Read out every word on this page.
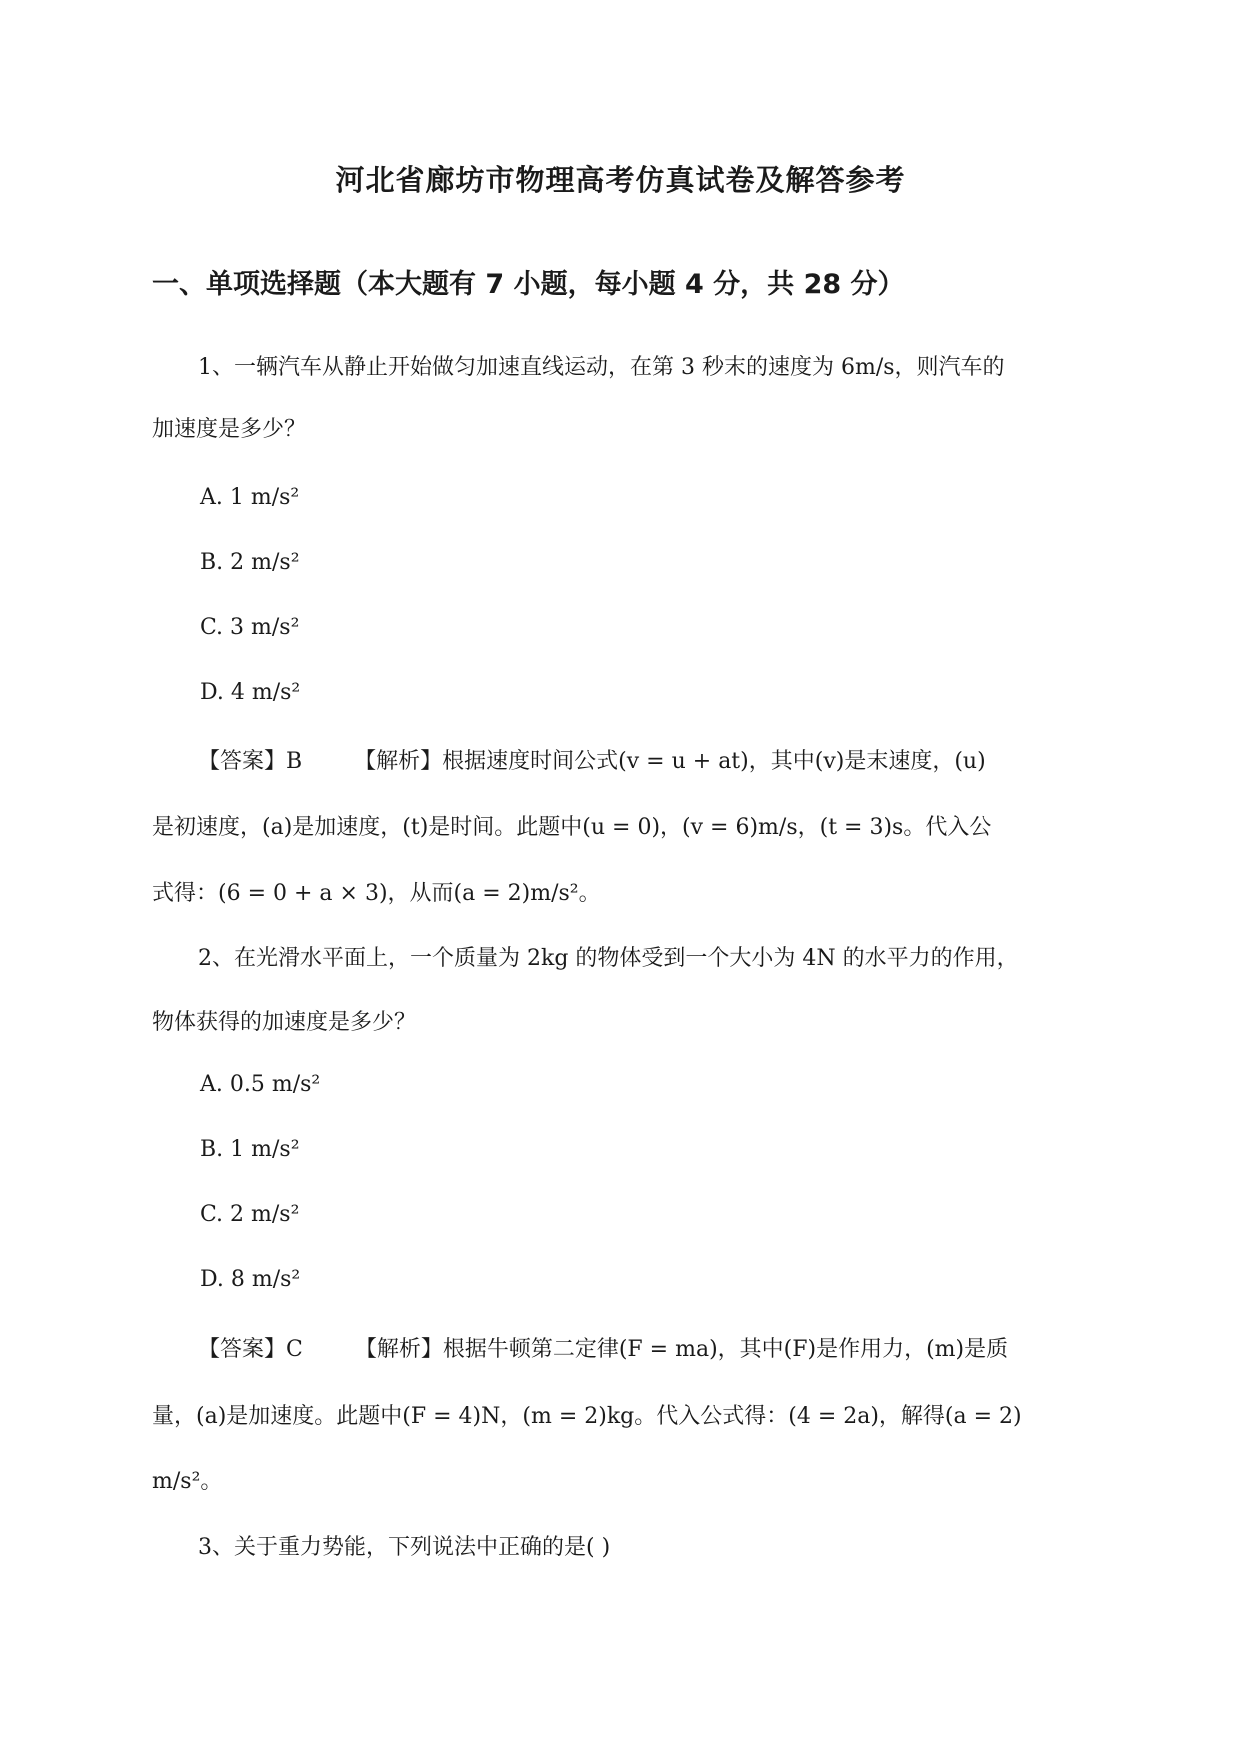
河北省廊坊市物理高考仿真试卷及解答参考
一、单项选择题（本大题有 7 小题，每小题 4 分，共 28 分）
1、一辆汽车从静止开始做匀加速直线运动，在第 3 秒末的速度为 6m/s，则汽车的
加速度是多少？
A. 1 m/s²
B. 2 m/s²
C. 3 m/s²
D. 4 m/s²
【答案】B 【解析】根据速度时间公式(v = u + at)，其中(v)是末速度，(u)
是初速度，(a)是加速度，(t)是时间。此题中(u = 0)，(v = 6)m/s，(t = 3)s。代入公
式得：(6 = 0 + a × 3)，从而(a = 2)m/s²。
2、在光滑水平面上，一个质量为 2kg 的物体受到一个大小为 4N 的水平力的作用，
物体获得的加速度是多少？
A. 0.5 m/s²
B. 1 m/s²
C. 2 m/s²
D. 8 m/s²
【答案】C 【解析】根据牛顿第二定律(F = ma)，其中(F)是作用力，(m)是质
量，(a)是加速度。此题中(F = 4)N，(m = 2)kg。代入公式得：(4 = 2a)，解得(a = 2)
m/s²。
3、关于重力势能，下列说法中正确的是( )
